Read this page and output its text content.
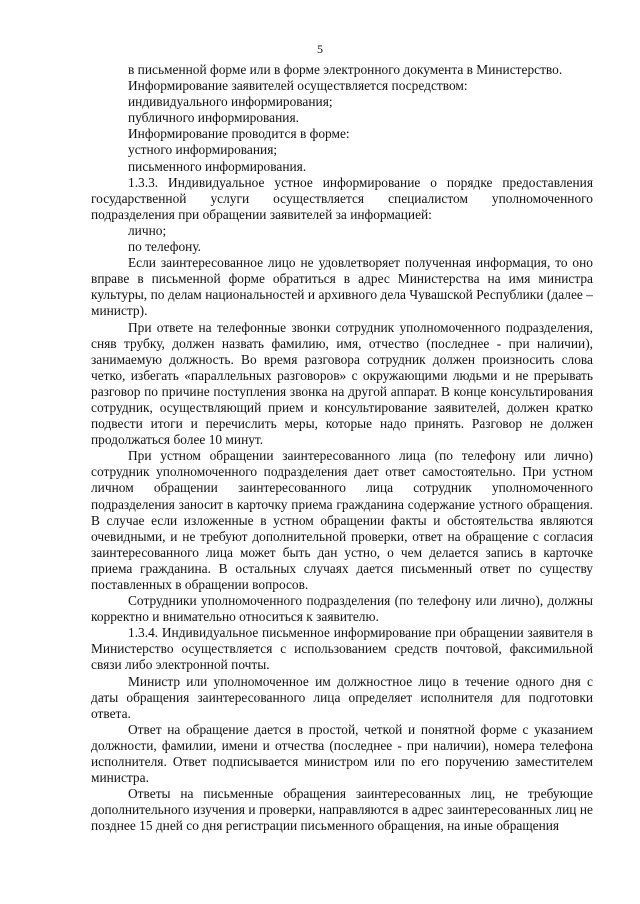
5

в письменной форме или в форме электронного документа в Министерство.

Информирование заявителей осуществляется посредством:

индивидуального информирования;

публичного информирования.

Информирование проводится в форме:

устного информирования;

письменного информирования.

1.3.3. Индивидуальное устное информирование о порядке предоставления государственной услуги осуществляется специалистом уполномоченного подразделения при обращении заявителей за информацией:

лично;

по телефону.

Если заинтересованное лицо не удовлетворяет полученная информация, то оно вправе в письменной форме обратиться в адрес Министерства на имя министра культуры, по делам национальностей и архивного дела Чувашской Республики (далее – министр).

При ответе на телефонные звонки сотрудник уполномоченного подразделения, сняв трубку, должен назвать фамилию, имя, отчество (последнее - при наличии), занимаемую должность. Во время разговора сотрудник должен произносить слова четко, избегать «параллельных разговоров» с окружающими людьми и не прерывать разговор по причине поступления звонка на другой аппарат. В конце консультирования сотрудник, осуществляющий прием и консультирование заявителей, должен кратко подвести итоги и перечислить меры, которые надо принять. Разговор не должен продолжаться более 10 минут.

При устном обращении заинтересованного лица (по телефону или лично) сотрудник уполномоченного подразделения дает ответ самостоятельно. При устном личном обращении заинтересованного лица сотрудник уполномоченного подразделения заносит в карточку приема гражданина содержание устного обращения. В случае если изложенные в устном обращении факты и обстоятельства являются очевидными, и не требуют дополнительной проверки, ответ на обращение с согласия заинтересованного лица может быть дан устно, о чем делается запись в карточке приема гражданина. В остальных случаях дается письменный ответ по существу поставленных в обращении вопросов.

Сотрудники уполномоченного подразделения (по телефону или лично), должны корректно и внимательно относиться к заявителю.

1.3.4. Индивидуальное письменное информирование при обращении заявителя в Министерство осуществляется с использованием средств почтовой, факсимильной связи либо электронной почты.

Министр или уполномоченное им должностное лицо в течение одного дня с даты обращения заинтересованного лица определяет исполнителя для подготовки ответа.

Ответ на обращение дается в простой, четкой и понятной форме с указанием должности, фамилии, имени и отчества (последнее - при наличии), номера телефона исполнителя. Ответ подписывается министром или по его поручению заместителем министра.

Ответы на письменные обращения заинтересованных лиц, не требующие дополнительного изучения и проверки, направляются в адрес заинтересованных лиц не позднее 15 дней со дня регистрации письменного обращения, на иные обращения
